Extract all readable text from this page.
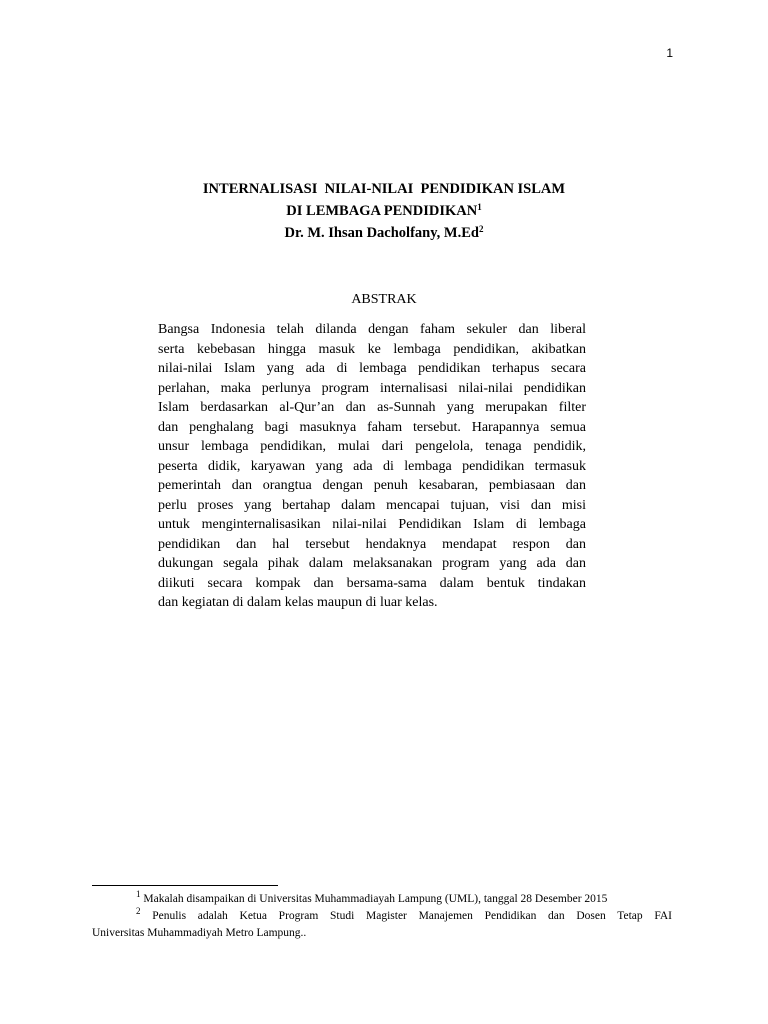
1
INTERNALISASI  NILAI-NILAI  PENDIDIKAN ISLAM
DI LEMBAGA PENDIDIKAN$^1$
Dr. M. Ihsan Dacholfany, M.Ed$^2$
ABSTRAK
Bangsa Indonesia telah dilanda dengan faham sekuler dan liberal
serta kebebasan hingga masuk ke lembaga pendidikan, akibatkan
nilai-nilai Islam yang ada di lembaga pendidikan terhapus secara
perlahan, maka perlunya program internalisasi nilai-nilai pendidikan
Islam berdasarkan al-Qur’an dan as-Sunnah yang merupakan filter
dan penghalang bagi masuknya faham tersebut. Harapannya semua
unsur lembaga pendidikan, mulai dari pengelola, tenaga pendidik,
peserta didik, karyawan yang ada di lembaga pendidikan termasuk
pemerintah dan orangtua dengan penuh kesabaran, pembiasaan dan
perlu proses yang bertahap dalam mencapai tujuan, visi dan misi
untuk menginternalisasikan nilai-nilai Pendidikan Islam di lembaga
pendidikan dan hal tersebut hendaknya mendapat respon dan
dukungan segala pihak dalam melaksanakan program yang ada dan
diikuti secara kompak dan bersama-sama dalam bentuk tindakan
dan kegiatan di dalam kelas maupun di luar kelas.
$^1$ Makalah disampaikan di Universitas Muhammadiayah Lampung (UML), tanggal 28 Desember 2015
$^2$ Penulis adalah Ketua Program Studi Magister Manajemen Pendidikan dan Dosen Tetap FAI
Universitas Muhammadiyah Metro Lampung..
